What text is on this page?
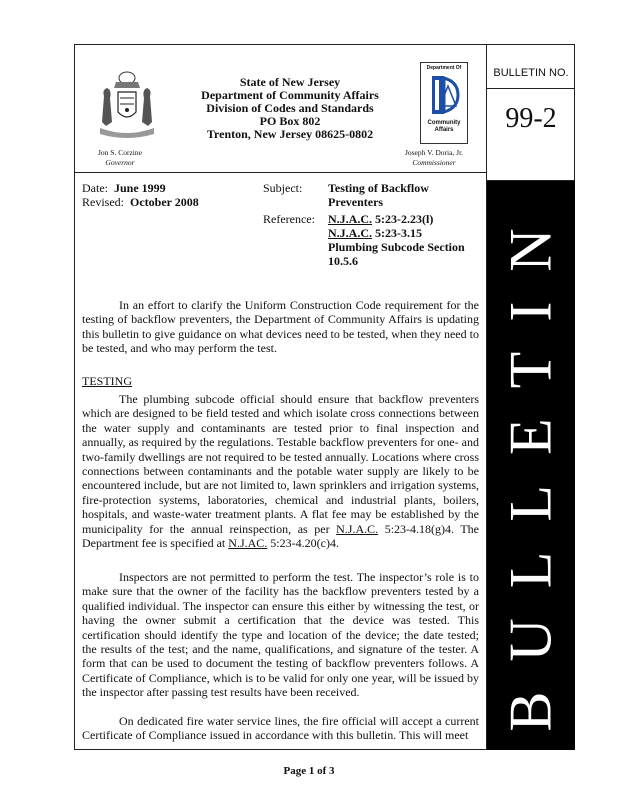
BULLETIN NO.
99-2
BULLETIN
Department Of
Community
Affairs
State of New Jersey
Department of Community Affairs
Division of Codes and Standards
PO Box 802
Trenton, New Jersey 08625-0802
Jon S. Corzine
Governor
Joseph V. Doria, Jr.
Commissioner
Date: June 1999
Revised: October 2008
Subject: Testing of Backflow Preventers
Reference: N.J.A.C. 5:23-2.23(l)
N.J.A.C. 5:23-3.15
Plumbing Subcode Section 10.5.6
In an effort to clarify the Uniform Construction Code requirement for the testing of backflow preventers, the Department of Community Affairs is updating this bulletin to give guidance on what devices need to be tested, when they need to be tested, and who may perform the test.
TESTING
The plumbing subcode official should ensure that backflow preventers which are designed to be field tested and which isolate cross connections between the water supply and contaminants are tested prior to final inspection and annually, as required by the regulations. Testable backflow preventers for one- and two-family dwellings are not required to be tested annually. Locations where cross connections between contaminants and the potable water supply are likely to be encountered include, but are not limited to, lawn sprinklers and irrigation systems, fire-protection systems, laboratories, chemical and industrial plants, boilers, hospitals, and waste-water treatment plants. A flat fee may be established by the municipality for the annual reinspection, as per N.J.A.C. 5:23-4.18(g)4. The Department fee is specified at N.J.AC. 5:23-4.20(c)4.
Inspectors are not permitted to perform the test. The inspector’s role is to make sure that the owner of the facility has the backflow preventers tested by a qualified individual. The inspector can ensure this either by witnessing the test, or having the owner submit a certification that the device was tested. This certification should identify the type and location of the device; the date tested; the results of the test; and the name, qualifications, and signature of the tester. A form that can be used to document the testing of backflow preventers follows. A Certificate of Compliance, which is to be valid for only one year, will be issued by the inspector after passing test results have been received.
On dedicated fire water service lines, the fire official will accept a current Certificate of Compliance issued in accordance with this bulletin. This will meet
Page 1 of 3
